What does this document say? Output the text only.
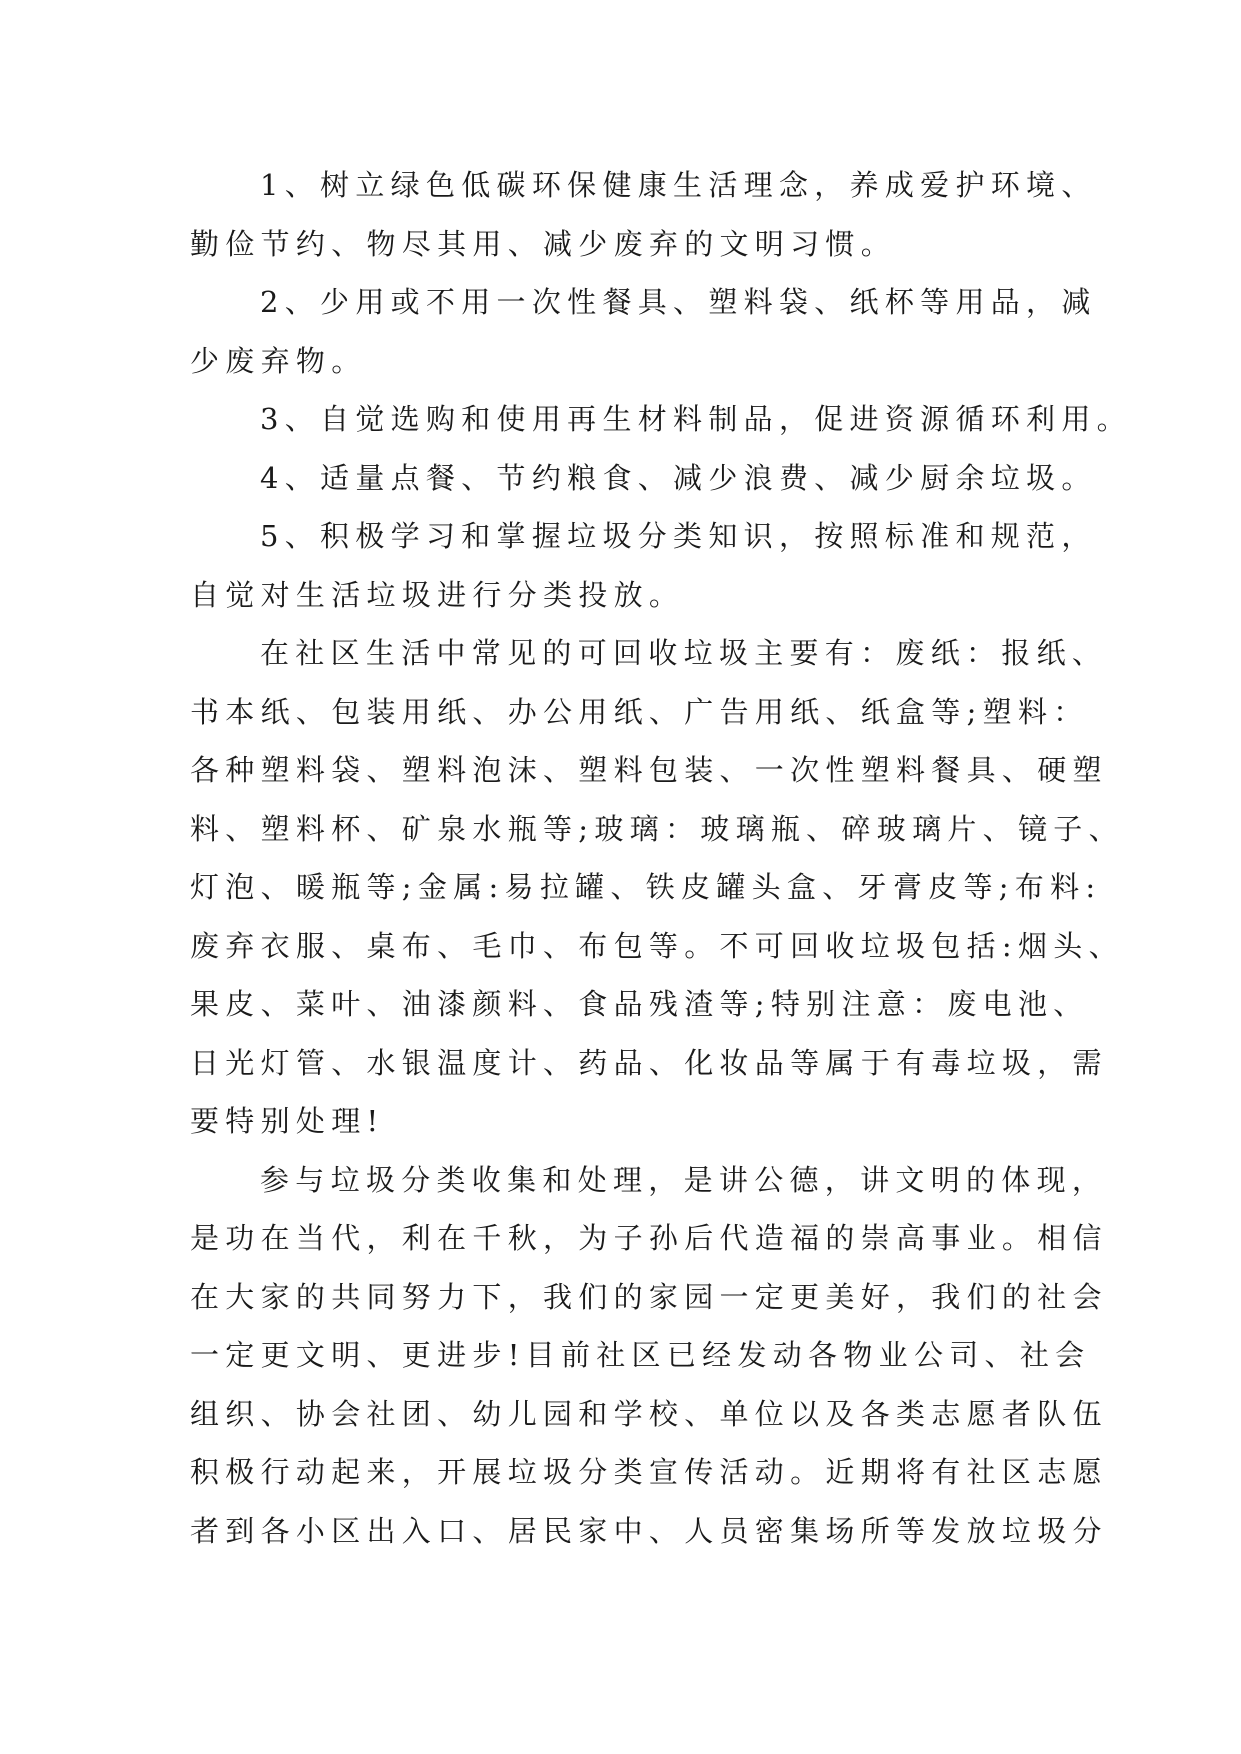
1、树立绿色低碳环保健康生活理念，养成爱护环境、
勤俭节约、物尽其用、减少废弃的文明习惯。

2、少用或不用一次性餐具、塑料袋、纸杯等用品，减
少废弃物。

3、自觉选购和使用再生材料制品，促进资源循环利用。

4、适量点餐、节约粮食、减少浪费、减少厨余垃圾。

5、积极学习和掌握垃圾分类知识，按照标准和规范，
自觉对生活垃圾进行分类投放。

在社区生活中常见的可回收垃圾主要有：废纸：报纸、
书本纸、包装用纸、办公用纸、广告用纸、纸盒等;塑料：
各种塑料袋、塑料泡沫、塑料包装、一次性塑料餐具、硬塑
料、塑料杯、矿泉水瓶等;玻璃：玻璃瓶、碎玻璃片、镜子、
灯泡、暖瓶等;金属:易拉罐、铁皮罐头盒、牙膏皮等;布料:
废弃衣服、桌布、毛巾、布包等。不可回收垃圾包括:烟头、
果皮、菜叶、油漆颜料、食品残渣等;特别注意：废电池、
日光灯管、水银温度计、药品、化妆品等属于有毒垃圾，需
要特别处理!

参与垃圾分类收集和处理，是讲公德，讲文明的体现，
是功在当代，利在千秋，为子孙后代造福的崇高事业。相信
在大家的共同努力下，我们的家园一定更美好，我们的社会
一定更文明、更进步!目前社区已经发动各物业公司、社会
组织、协会社团、幼儿园和学校、单位以及各类志愿者队伍
积极行动起来，开展垃圾分类宣传活动。近期将有社区志愿
者到各小区出入口、居民家中、人员密集场所等发放垃圾分
